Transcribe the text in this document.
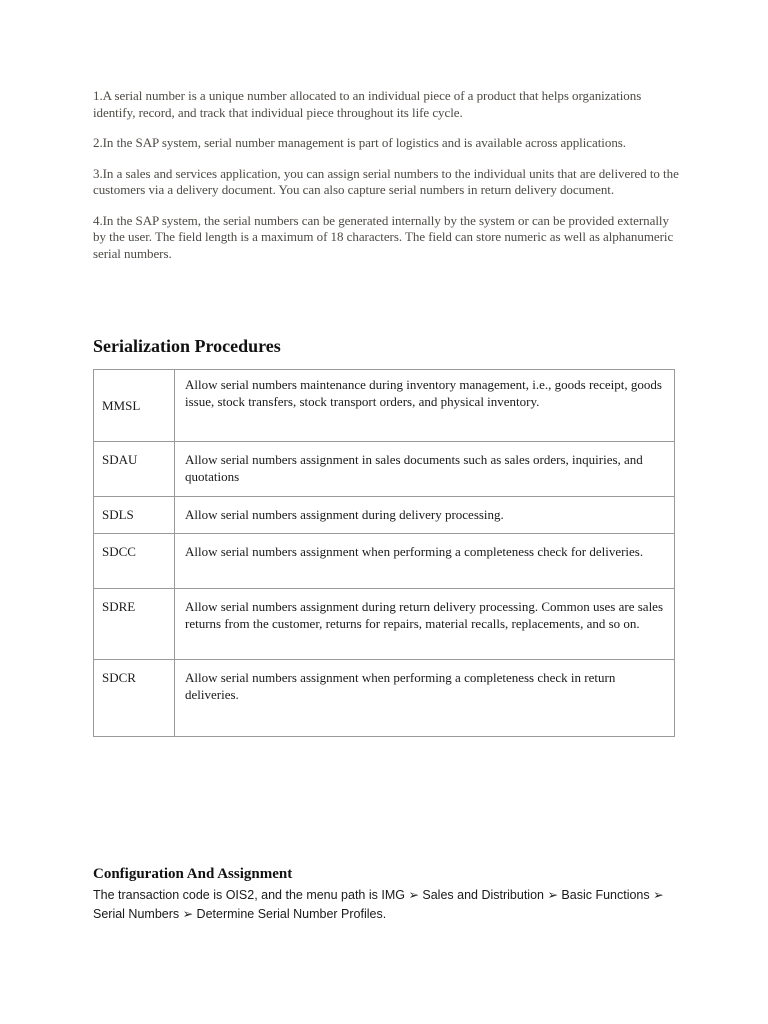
1.A serial number is a unique number allocated to an individual piece of a product that helps organizations identify, record, and track that individual piece throughout its life cycle.

2.In the SAP system, serial number management is part of logistics and is available across applications.

3.In a sales and services application, you can assign serial numbers to the individual units that are delivered to the customers via a delivery document. You can also capture serial numbers in return delivery document.

4.In the SAP system, the serial numbers can be generated internally by the system or can be provided externally by the user. The field length is a maximum of 18 characters. The field can store numeric as well as alphanumeric serial numbers.

Serialization Procedures
MMSL	Allow serial numbers maintenance during inventory management, i.e., goods receipt, goods issue, stock transfers, stock transport orders, and physical inventory.
SDAU	Allow serial numbers assignment in sales documents such as sales orders, inquiries, and quotations
SDLS	Allow serial numbers assignment during delivery processing.
SDCC	Allow serial numbers assignment when performing a completeness check for deliveries.
SDRE	Allow serial numbers assignment during return delivery processing. Common uses are sales returns from the customer, returns for repairs, material recalls, replacements, and so on.
SDCR	Allow serial numbers assignment when performing a completeness check in return deliveries.
Configuration And Assignment

The transaction code is OIS2, and the menu path is IMG ➢ Sales and Distribution ➢ Basic Functions ➢ Serial Numbers ➢ Determine Serial Number Profiles.
